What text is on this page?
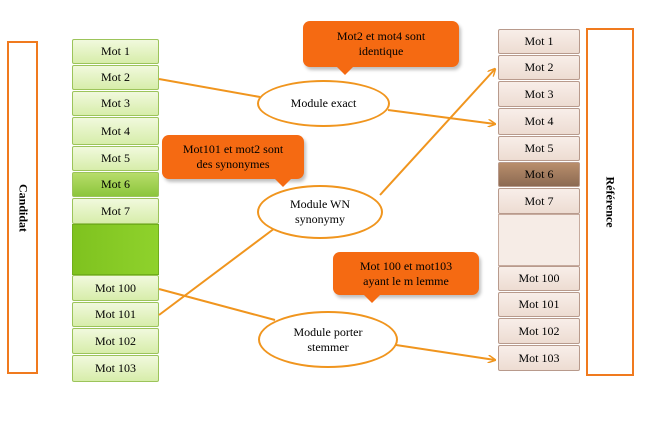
Candidat	Référence
Mot 1
Mot 2
Mot 3
Mot 4
Mot 5
Mot 6
Mot 7
Mot 100
Mot 101
Mot 102
Mot 103
Mot 1
Mot 2
Mot 3
Mot 4
Mot 5
Mot 6
Mot 7
Mot 100
Mot 101
Mot 102
Mot 103
Module exact
Module WN
synonymy
Module porter
stemmer
Mot2 et mot4 sont
identique
Mot101 et mot2 sont
des synonymes
Mot 100 et mot103
ayant le m lemme
